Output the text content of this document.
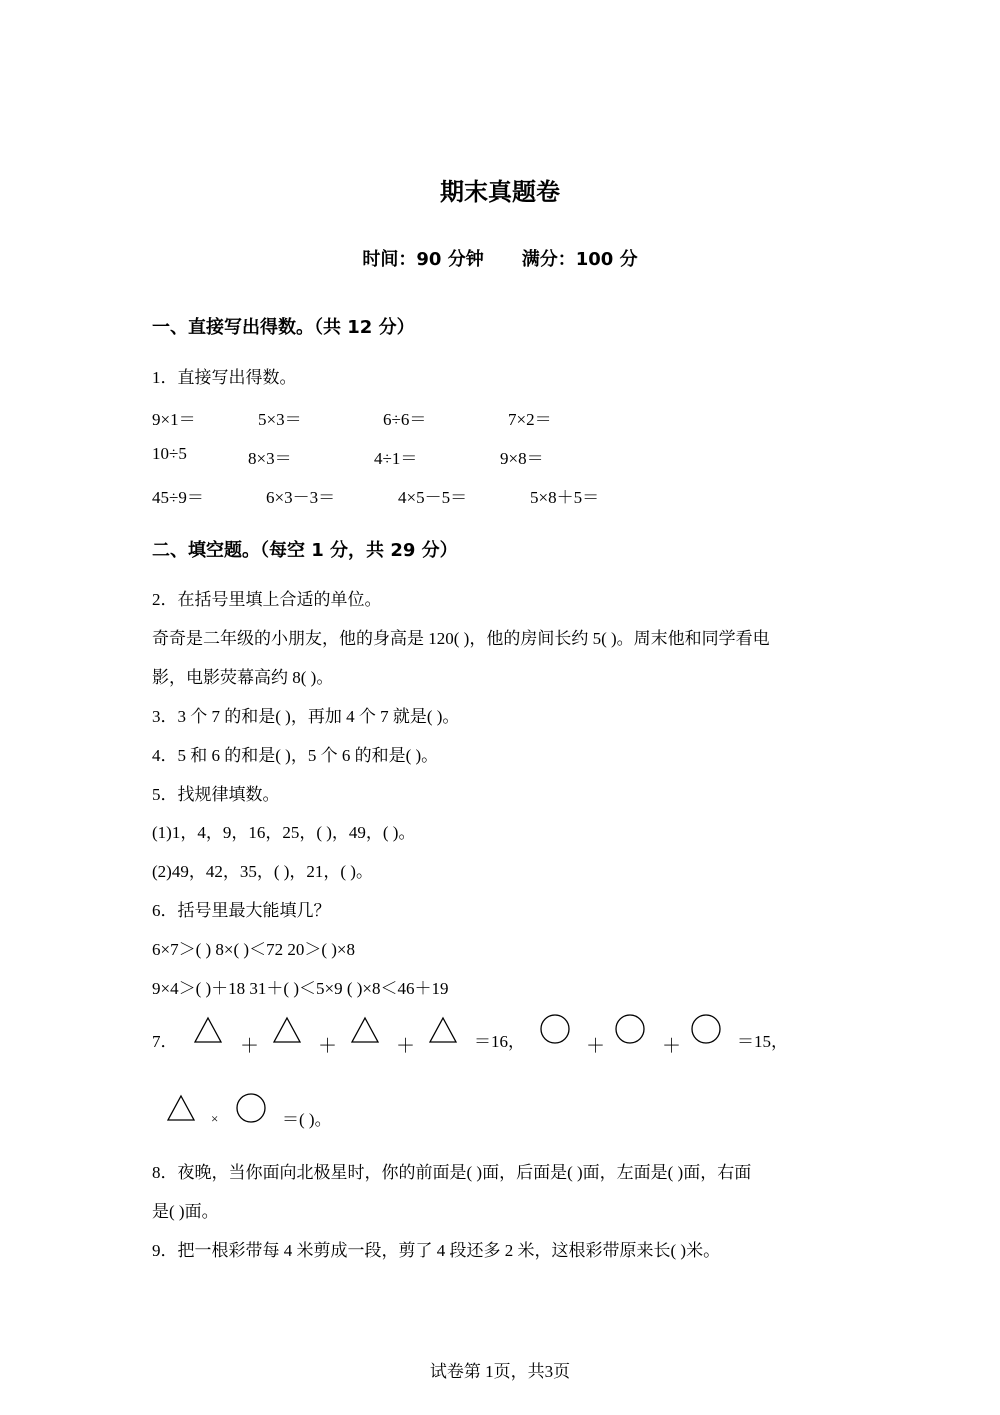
期末真题卷
时间：90 分钟 满分：100 分
一、直接写出得数。（共 12 分）
1．直接写出得数。
9×1＝	5×3＝	6÷6＝	7×2＝
10÷5	8×3＝	4÷1＝	9×8＝
45÷9＝	6×3－3＝	4×5－5＝	5×8＋5＝
二、填空题。（每空 1 分，共 29 分）
2．在括号里填上合适的单位。
奇奇是二年级的小朋友，他的身高是 120( )，他的房间长约 5( )。周末他和同学看电
影，电影荧幕高约 8( )。
3．3 个 7 的和是( )，再加 4 个 7 就是( )。
4．5 和 6 的和是( )，5 个 6 的和是( )。
5．找规律填数。
(1)1，4，9，16，25，( )，49，( )。
(2)49，42，35，( )，21，( )。
6．括号里最大能填几？
6×7＞( ) 8×( )＜72 20＞( )×8
9×4＞( )＋18 31＋( )＜5×9 ( )×8＜46＋19
7．	＋	＋	＋	＝16，	＋	＋	＝15，
×	＝( )。
8．夜晚，当你面向北极星时，你的前面是( )面，后面是( )面，左面是( )面，右面
是( )面。
9．把一根彩带每 4 米剪成一段，剪了 4 段还多 2 米，这根彩带原来长( )米。
试卷第 1页，共3页
